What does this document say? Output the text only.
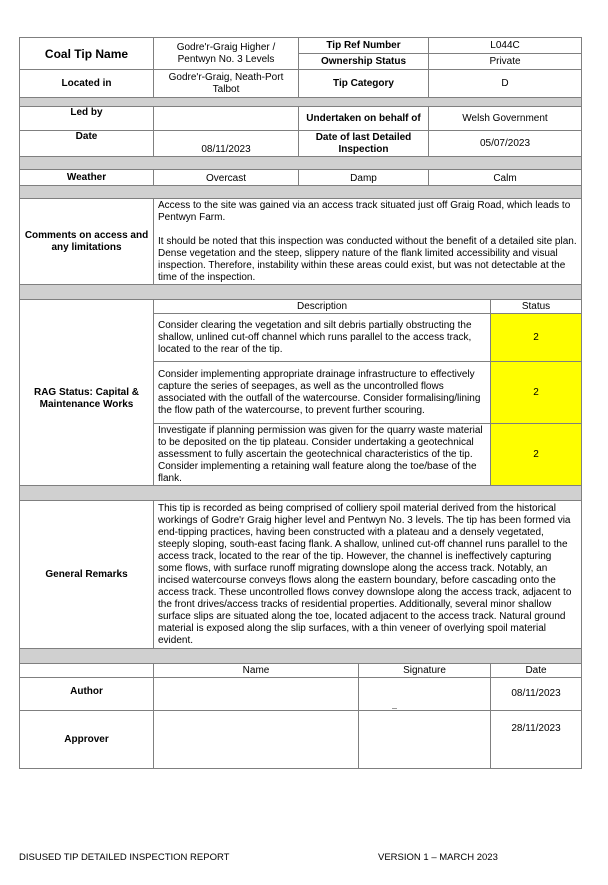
Coal Tip Name	Godre'r-Graig Higher / Pentwyn No. 3 Levels	Tip Ref Number		L044C	
		Ownership Status		Private	
Located in	Godre'r-Graig, Neath-Port Talbot	Tip Category		D	

Led by		Undertaken on behalf of		Welsh Government	
Date	08/11/2023	Date of last Detailed Inspection		05/07/2023	

Weather	Overcast	Damp		Calm	

Comments on access and any limitations	Access to the site was gained via an access track situated just off Graig Road, which leads to Pentwyn Farm.
It should be noted that this inspection was conducted without the benefit of a detailed site plan. Dense vegetation and the steep, slippery nature of the flank limited accessibility and visual inspection. Therefore, instability within these areas could exist, but was not detectable at the time of the inspection.				

	Description				Status
RAG Status: Capital & Maintenance Works	Consider clearing the vegetation and silt debris partially obstructing the shallow, unlined cut-off channel which runs parallel to the access track, located to the rear of the tip.				2
	Consider implementing appropriate drainage infrastructure to effectively capture the series of seepages, as well as the uncontrolled flows associated with the outfall of the watercourse. Consider formalising/lining the flow path of the watercourse, to prevent further scouring.				2
	Investigate if planning permission was given for the quarry waste material to be deposited on the tip plateau. Consider undertaking a geotechnical assessment to fully ascertain the geotechnical characteristics of the tip. Consider implementing a retaining wall feature along the toe/base of the flank.				2

General Remarks	This tip is recorded as being comprised of colliery spoil material derived from the historical workings of Godre'r Graig higher level and Pentwyn No. 3 levels. The tip has been formed via end-tipping practices, having been constructed with a plateau and a densely vegetated, steeply sloping, south-east facing flank. A shallow, unlined cut-off channel runs parallel to the access track, located to the rear of the tip. However, the channel is ineffectively capturing some flows, with surface runoff migrating downslope along the access track. Notably, an incised watercourse conveys flows along the eastern boundary, before cascading onto the access track. These uncontrolled flows convey downslope along the access track, adjacent to the front drives/access tracks of residential properties. Additionally, several minor shallow surface slips are situated along the toe, located adjacent to the access track. Natural ground material is exposed along the slip surfaces, with a thin veneer of overlying spoil material evident.				

	Name		Signature		Date
Author					08/11/2023
Approver					28/11/2023
DISUSED TIP DETAILED INSPECTION REPORT	VERSION 1 – MARCH 2023
